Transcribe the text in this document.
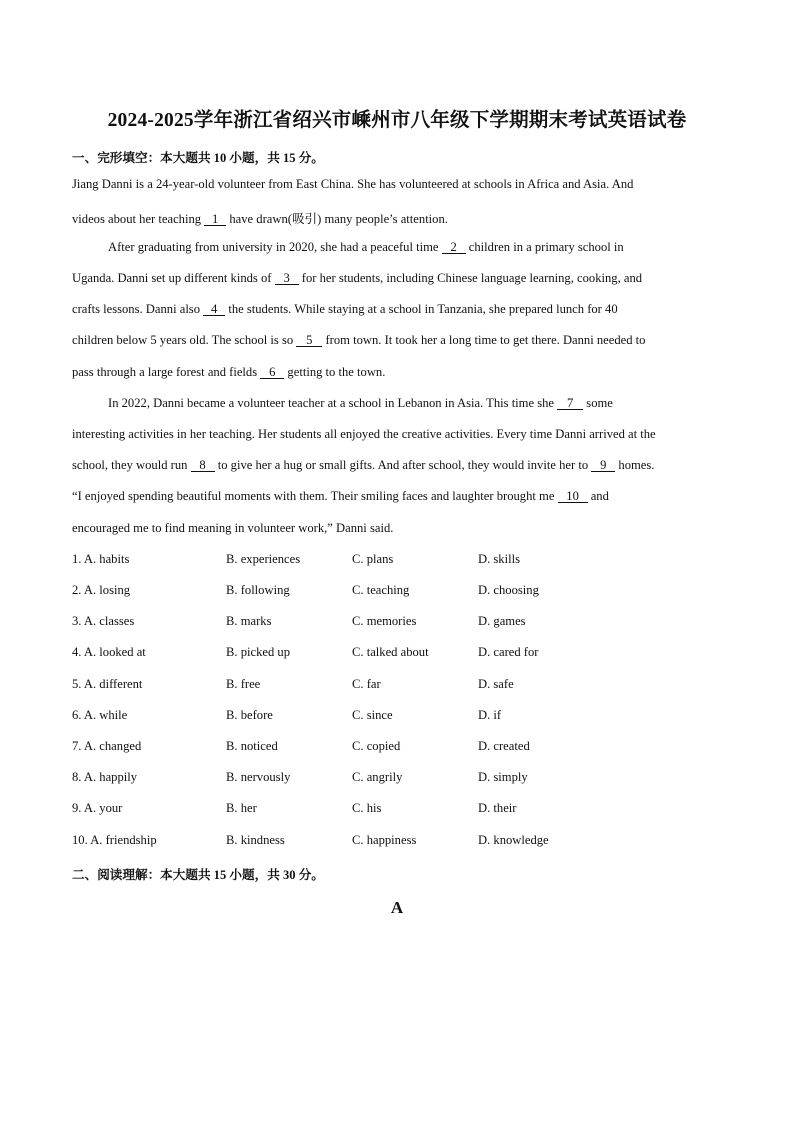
2024-2025学年浙江省绍兴市嵊州市八年级下学期期末考试英语试卷
一、完形填空：本大题共 10 小题，共 15 分。
Jiang Danni is a 24-year-old volunteer from East China. She has volunteered at schools in Africa and Asia. And
videos about her teaching 1 have drawn(吸引) many people’s attention.
After graduating from university in 2020, she had a peaceful time 2 children in a primary school in
Uganda. Danni set up different kinds of 3 for her students, including Chinese language learning, cooking, and
crafts lessons. Danni also 4 the students. While staying at a school in Tanzania, she prepared lunch for 40
children below 5 years old. The school is so 5 from town. It took her a long time to get there. Danni needed to
pass through a large forest and fields 6 getting to the town.
In 2022, Danni became a volunteer teacher at a school in Lebanon in Asia. This time she 7 some
interesting activities in her teaching. Her students all enjoyed the creative activities. Every time Danni arrived at the
school, they would run 8 to give her a hug or small gifts. And after school, they would invite her to 9 homes.
“I enjoyed spending beautiful moments with them. Their smiling faces and laughter brought me 10 and
encouraged me to find meaning in volunteer work,” Danni said.
1. A. habits	B. experiences	C. plans	D. skills
2. A. losing	B. following	C. teaching	D. choosing
3. A. classes	B. marks	C. memories	D. games
4. A. looked at	B. picked up	C. talked about	D. cared for
5. A. different	B. free	C. far	D. safe
6. A. while	B. before	C. since	D. if
7. A. changed	B. noticed	C. copied	D. created
8. A. happily	B. nervously	C. angrily	D. simply
9. A. your	B. her	C. his	D. their
10. A. friendship	B. kindness	C. happiness	D. knowledge
二、阅读理解：本大题共 15 小题，共 30 分。
A
